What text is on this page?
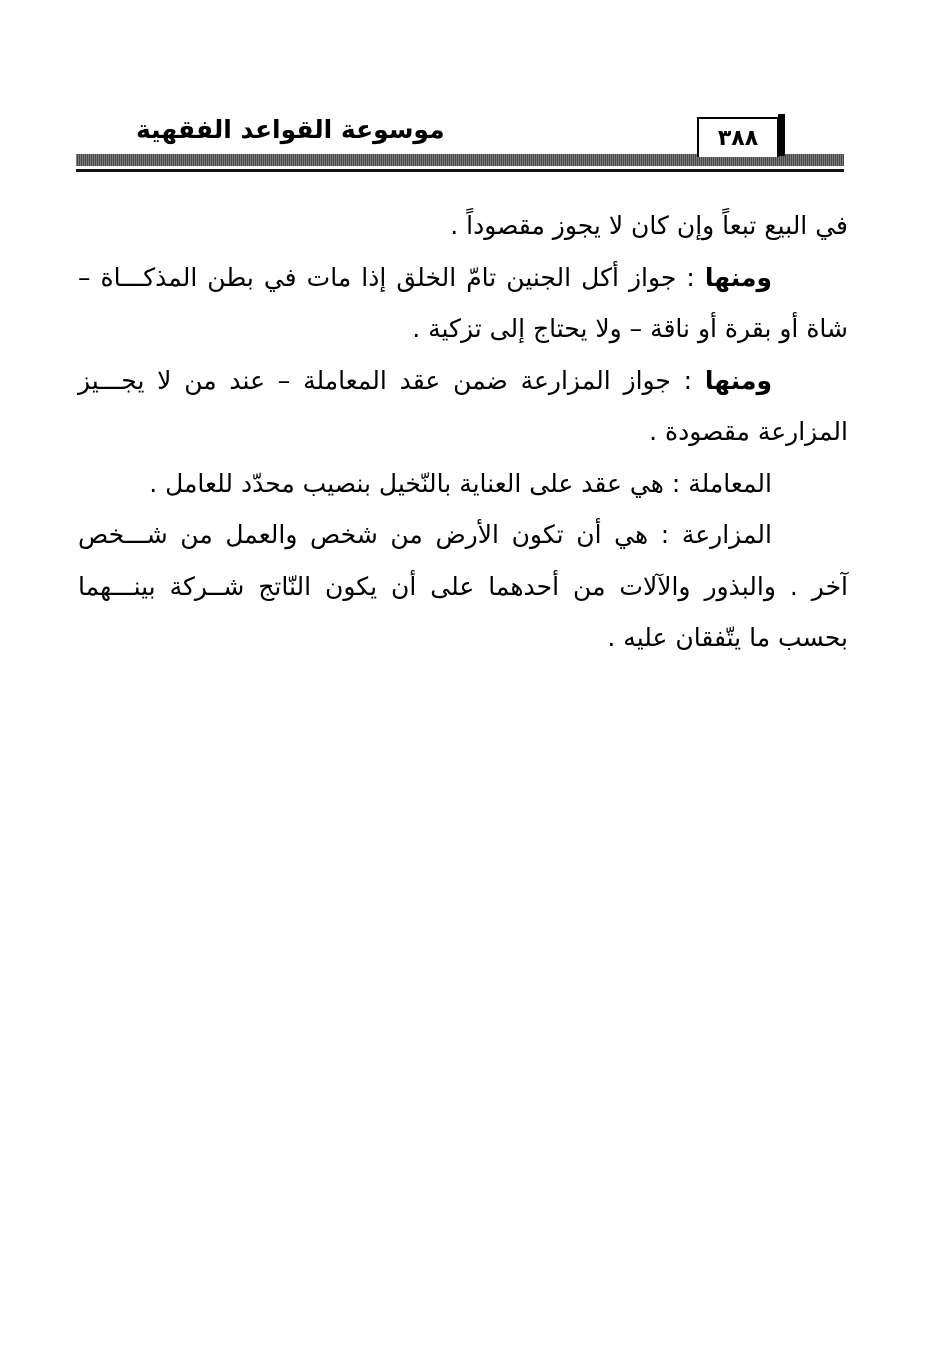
موسوعة القواعد الفقهية	٣٨٨
في البيع تبعاً وإن كان لا يجوز مقصوداً .
ومنها : جواز أكل الجنين تامّ الخلق إذا مات في بطن المذكـــاة –
شاة أو بقرة أو ناقة – ولا يحتاج إلى تزكية .
ومنها : جواز المزارعة ضمن عقد المعاملة – عند من لا يجـــيز
المزارعة مقصودة .
المعاملة : هي عقد على العناية بالنّخيل بنصيب محدّد للعامل .
المزارعة : هي أن تكون الأرض من شخص والعمل من شـــخص
آخر . والبذور والآلات من أحدهما على أن يكون النّاتج شــركة بينـــهما
بحسب ما يتّفقان عليه .
